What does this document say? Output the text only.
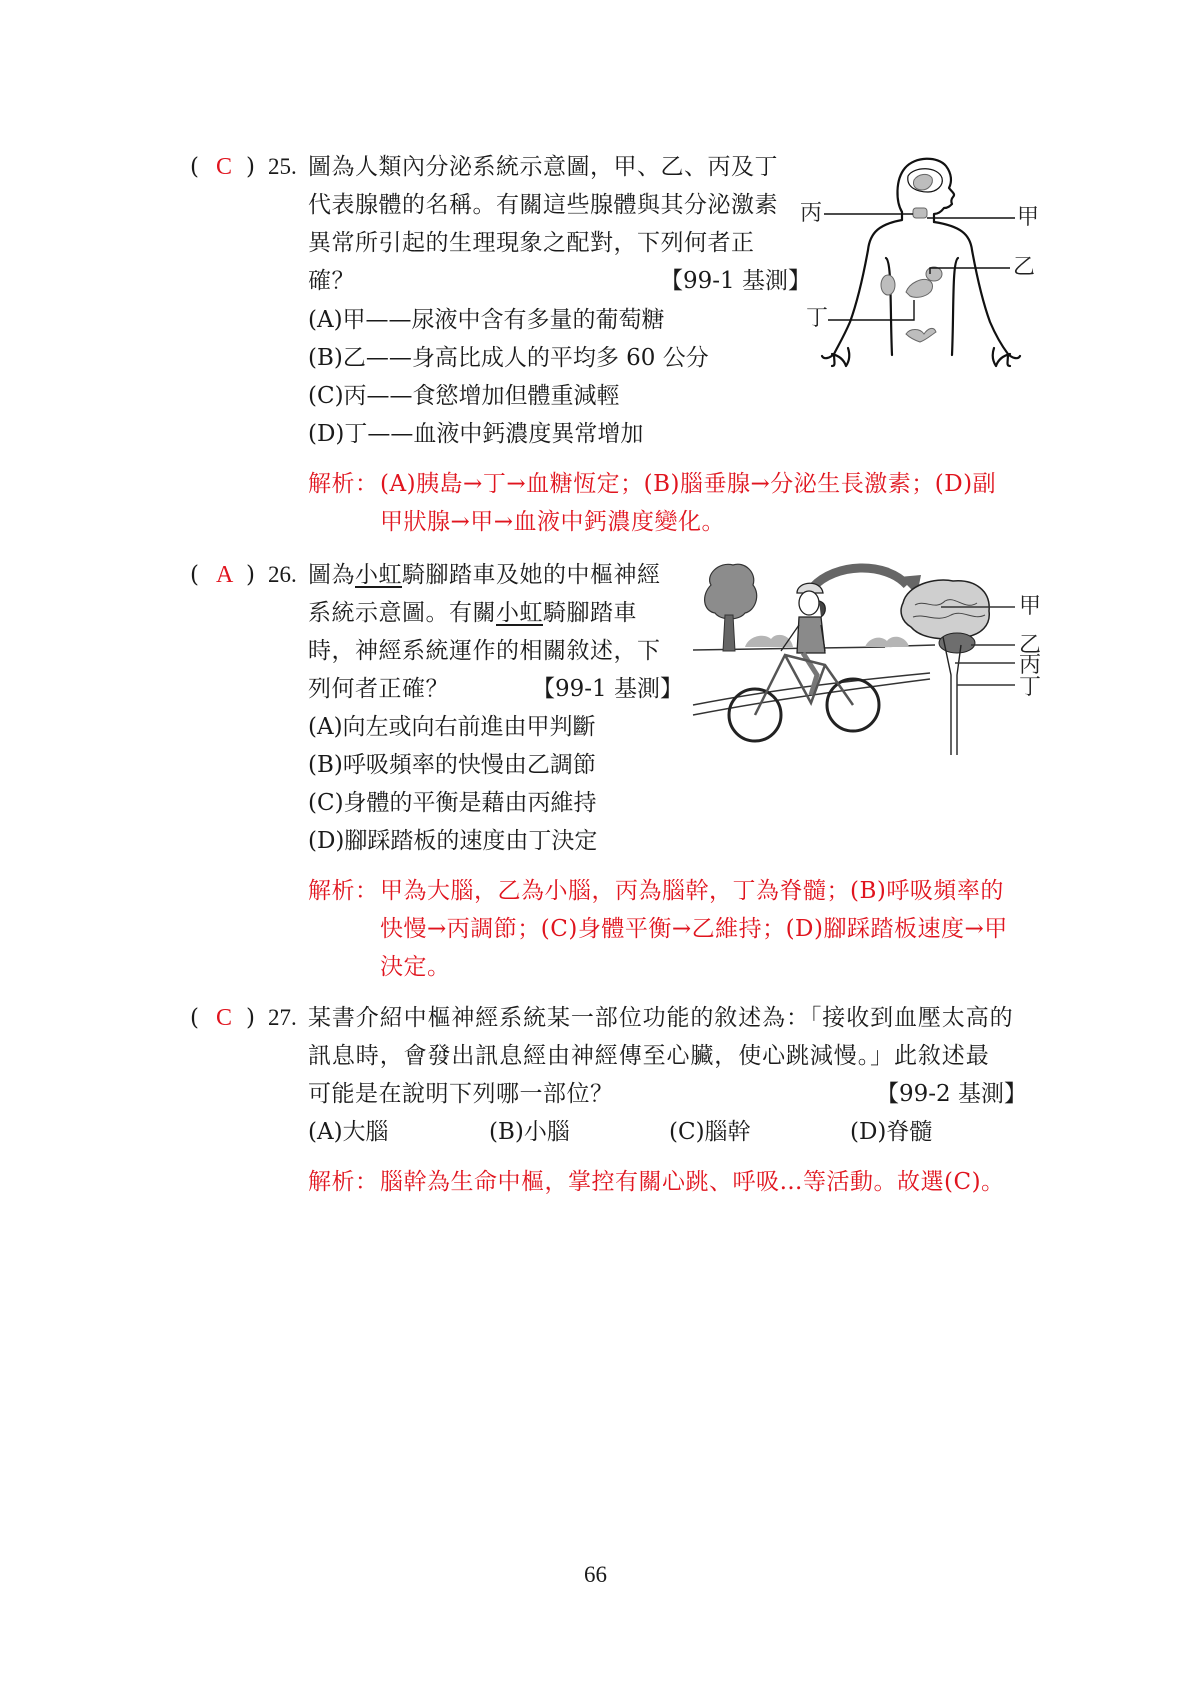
( C ) 25. 圖為人類內分泌系統示意圖，甲、乙、丙及丁
代表腺體的名稱。有關這些腺體與其分泌激素
異常所引起的生理現象之配對，下列何者正
確？	【99-1 基測】
(A)甲——尿液中含有多量的葡萄糖
(B)乙——身高比成人的平均多 60 公分
(C)丙——食慾增加但體重減輕
(D)丁——血液中鈣濃度異常增加
解析： (A)胰島→丁→血糖恆定；(B)腦垂腺→分泌生長激素；(D)副
甲狀腺→甲→血液中鈣濃度變化。
丙	甲
乙
丁
( A ) 26. 圖為小虹騎腳踏車及她的中樞神經
系統示意圖。有關小虹騎腳踏車
時，神經系統運作的相關敘述，下
列何者正確？	【99-1 基測】
(A)向左或向右前進由甲判斷
(B)呼吸頻率的快慢由乙調節
(C)身體的平衡是藉由丙維持
(D)腳踩踏板的速度由丁決定
解析： 甲為大腦，乙為小腦，丙為腦幹，丁為脊髓；(B)呼吸頻率的
快慢→丙調節；(C)身體平衡→乙維持；(D)腳踩踏板速度→甲
決定。
甲
乙
丙
丁
( C ) 27. 某書介紹中樞神經系統某一部位功能的敘述為：「接收到血壓太高的
訊息時，會發出訊息經由神經傳至心臟，使心跳減慢。」此敘述最
可能是在說明下列哪一部位？	【99-2 基測】
(A)大腦	(B)小腦	(C)腦幹	(D)脊髓
解析： 腦幹為生命中樞，掌控有關心跳、呼吸…等活動。故選(C)。
66
